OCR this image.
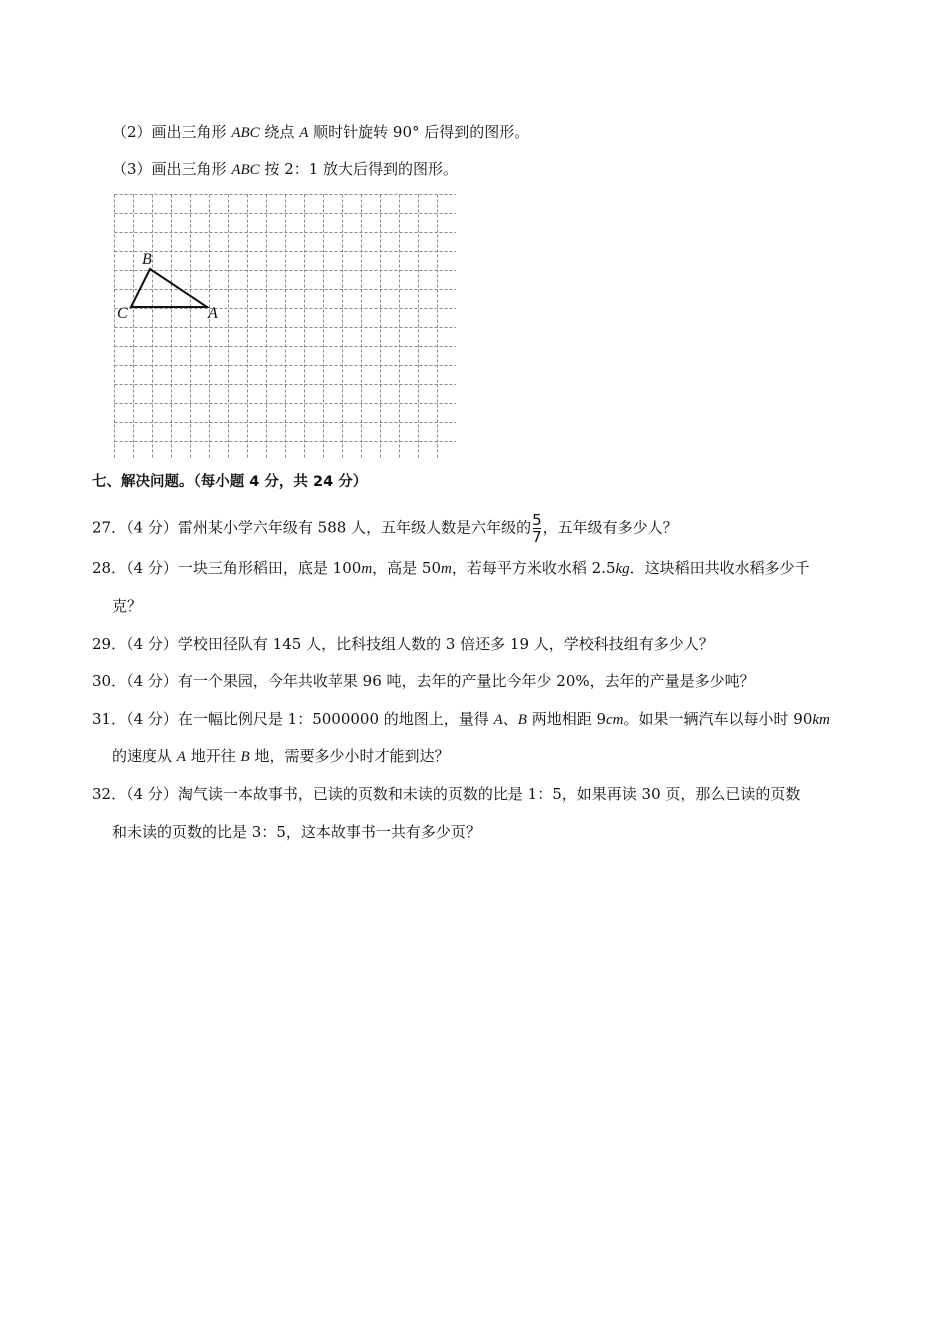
（2）画出三角形 ABC 绕点 A 顺时针旋转 90° 后得到的图形。
（3）画出三角形 ABC 按 2：1 放大后得到的图形。
B
C	A
七、解决问题。（每小题 4 分，共 24 分）
27．（4 分）雷州某小学六年级有 588 人，五年级人数是六年级的 $\frac{5}{7}$ ，五年级有多少人？
28．（4 分）一块三角形稻田，底是 100m，高是 50m，若每平方米收水稻 2.5kg．这块稻田共收水稻多少千
克？
29．（4 分）学校田径队有 145 人，比科技组人数的 3 倍还多 19 人，学校科技组有多少人？
30．（4 分）有一个果园，今年共收苹果 96 吨，去年的产量比今年少 20%，去年的产量是多少吨？
31．（4 分）在一幅比例尺是 1：5000000 的地图上，量得 A、B 两地相距 9cm。如果一辆汽车以每小时 90km
的速度从 A 地开往 B 地，需要多少小时才能到达？
32．（4 分）淘气读一本故事书，已读的页数和未读的页数的比是 1：5，如果再读 30 页，那么已读的页数
和未读的页数的比是 3：5，这本故事书一共有多少页？
